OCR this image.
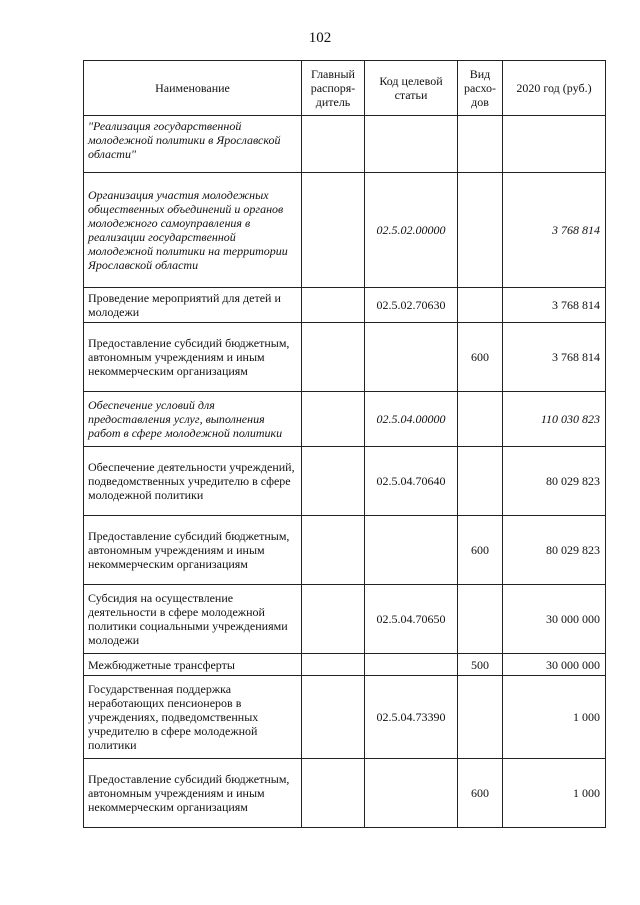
102
Наименование	Главный распоря-дитель	Код целевой статьи	Вид расхо-дов	2020 год (руб.)
"Реализация государственной молодежной политики в Ярославской области"				
Организация участия молодежных общественных объединений и органов молодежного самоуправления в реализации государственной молодежной политики на территории Ярославской области		02.5.02.00000		3 768 814
Проведение мероприятий для детей и молодежи		02.5.02.70630		3 768 814
Предоставление субсидий бюджетным, автономным учреждениям и иным некоммерческим организациям			600	3 768 814
Обеспечение условий для предоставления услуг, выполнения работ в сфере молодежной политики		02.5.04.00000		110 030 823
Обеспечение деятельности учреждений, подведомственных учредителю в сфере молодежной политики		02.5.04.70640		80 029 823
Предоставление субсидий бюджетным, автономным учреждениям и иным некоммерческим организациям			600	80 029 823
Субсидия на осуществление деятельности в сфере молодежной политики социальными учреждениями молодежи		02.5.04.70650		30 000 000
Межбюджетные трансферты			500	30 000 000
Государственная поддержка неработающих пенсионеров в учреждениях, подведомственных учредителю в сфере молодежной политики		02.5.04.73390		1 000
Предоставление субсидий бюджетным, автономным учреждениям и иным некоммерческим организациям			600	1 000
